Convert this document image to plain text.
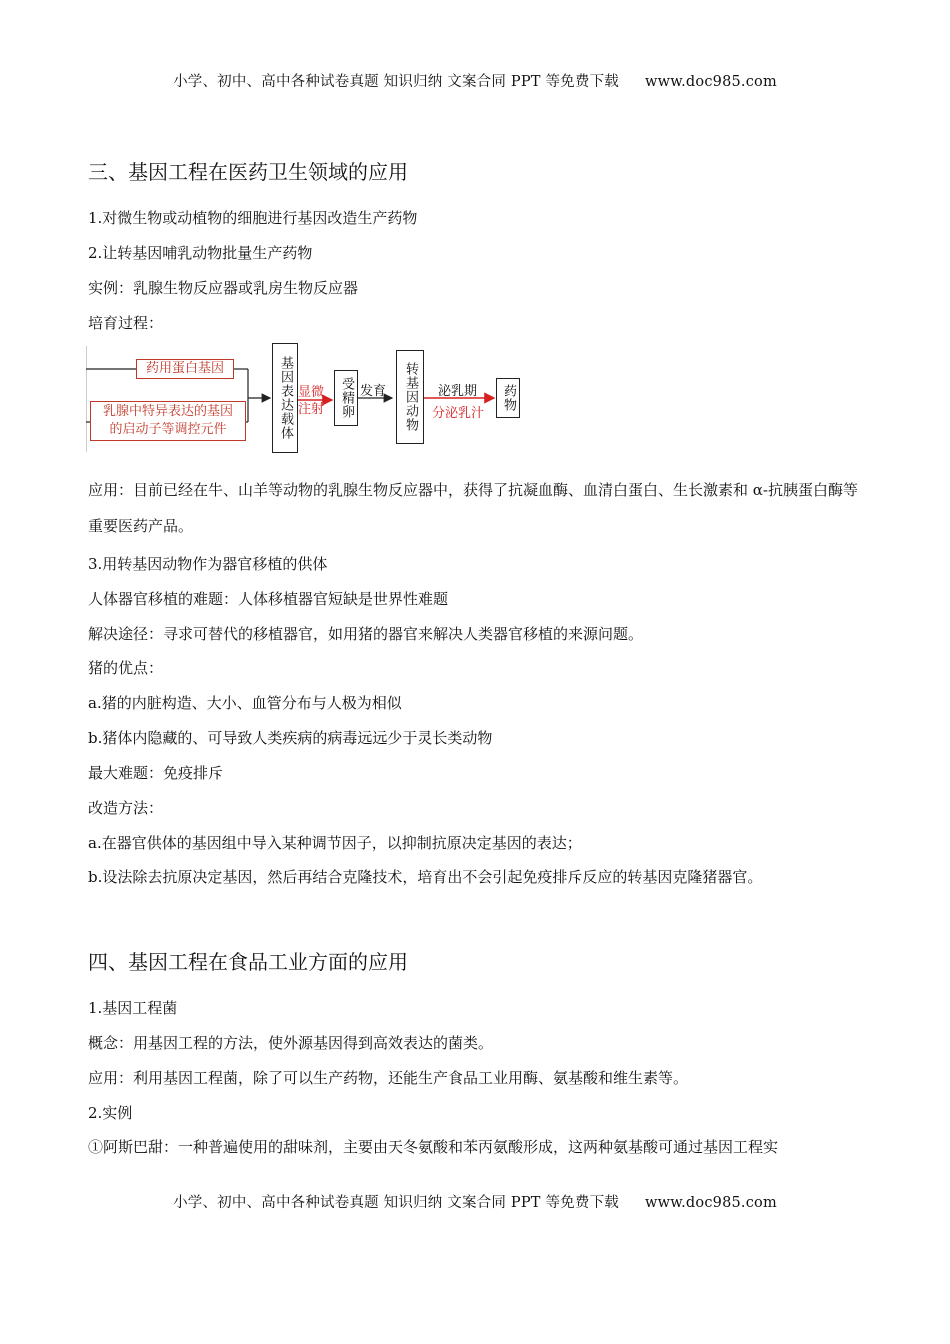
小学、初中、高中各种试卷真题 知识归纳 文案合同 PPT 等免费下载 www.doc985.com
三、基因工程在医药卫生领域的应用
1.对微生物或动植物的细胞进行基因改造生产药物
2.让转基因哺乳动物批量生产药物
实例：乳腺生物反应器或乳房生物反应器
培育过程：
药用蛋白基因
乳腺中特异表达的基因
的启动子等调控元件	基因表达载体 显微
注射	受精卵 发育	转基因动物	泌乳期
分泌乳汁
药物
应用：目前已经在牛、山羊等动物的乳腺生物反应器中，获得了抗凝血酶、血清白蛋白、生长激素和 α-抗胰蛋白酶等重要医药产品。
3.用转基因动物作为器官移植的供体
人体器官移植的难题：人体移植器官短缺是世界性难题
解决途径：寻求可替代的移植器官，如用猪的器官来解决人类器官移植的来源问题。
猪的优点：
a.猪的内脏构造、大小、血管分布与人极为相似
b.猪体内隐藏的、可导致人类疾病的病毒远远少于灵长类动物
最大难题：免疫排斥
改造方法：
a.在器官供体的基因组中导入某种调节因子，以抑制抗原决定基因的表达；
b.设法除去抗原决定基因，然后再结合克隆技术，培育出不会引起免疫排斥反应的转基因克隆猪器官。
四、基因工程在食品工业方面的应用
1.基因工程菌
概念：用基因工程的方法，使外源基因得到高效表达的菌类。
应用：利用基因工程菌，除了可以生产药物，还能生产食品工业用酶、氨基酸和维生素等。
2.实例
①阿斯巴甜：一种普遍使用的甜味剂，主要由天冬氨酸和苯丙氨酸形成，这两种氨基酸可通过基因工程实
小学、初中、高中各种试卷真题 知识归纳 文案合同 PPT 等免费下载 www.doc985.com
